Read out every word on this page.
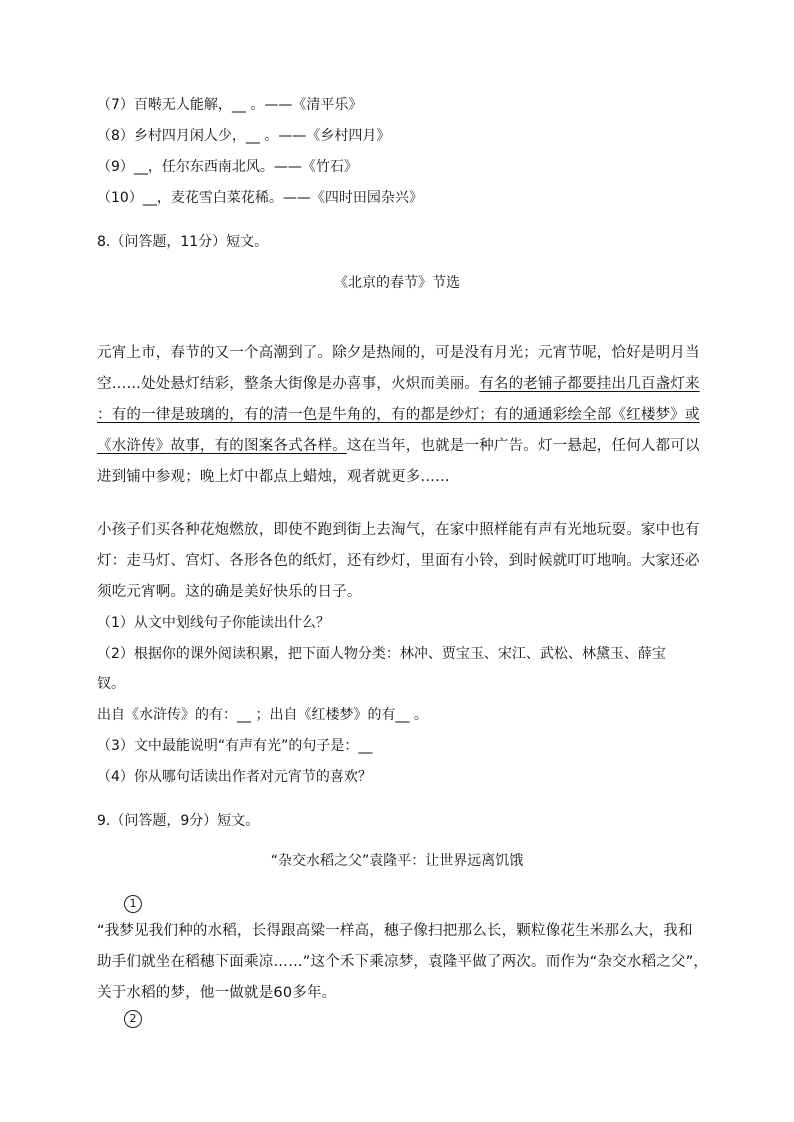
（7）百啭无人能解，__ 。——《清平乐》
（8）乡村四月闲人少，__ 。——《乡村四月》
（9）__，任尔东西南北风。——《竹石》
（10）__，麦花雪白菜花稀。——《四时田园杂兴》
8.（问答题，11分）短文。
《北京的春节》节选
元宵上市，春节的又一个高潮到了。除夕是热闹的，可是没有月光；元宵节呢，恰好是明月当
空……处处悬灯结彩，整条大街像是办喜事，火炽而美丽。有名的老铺子都要挂出几百盏灯来
：有的一律是玻璃的，有的清一色是牛角的，有的都是纱灯；有的通通彩绘全部《红楼梦》或
《水浒传》故事，有的图案各式各样。这在当年，也就是一种广告。灯一悬起，任何人都可以
进到铺中参观；晚上灯中都点上蜡烛，观者就更多……
小孩子们买各种花炮燃放，即使不跑到街上去淘气，在家中照样能有声有光地玩耍。家中也有
灯：走马灯、宫灯、各形各色的纸灯，还有纱灯，里面有小铃，到时候就叮叮地响。大家还必
须吃元宵啊。这的确是美好快乐的日子。
（1）从文中划线句子你能读出什么？
（2）根据你的课外阅读积累，把下面人物分类：林冲、贾宝玉、宋江、武松、林黛玉、薛宝
钗。
出自《水浒传》的有：__ ；出自《红楼梦》的有__ 。
（3）文中最能说明“有声有光”的句子是：__
（4）你从哪句话读出作者对元宵节的喜欢？
9.（问答题，9分）短文。
“杂交水稻之父”袁隆平：让世界远离饥饿
1
“我梦见我们种的水稻，长得跟高粱一样高，穗子像扫把那么长，颗粒像花生米那么大，我和
助手们就坐在稻穗下面乘凉……”这个禾下乘凉梦，袁隆平做了两次。而作为“杂交水稻之父”，
关于水稻的梦，他一做就是60多年。
2
